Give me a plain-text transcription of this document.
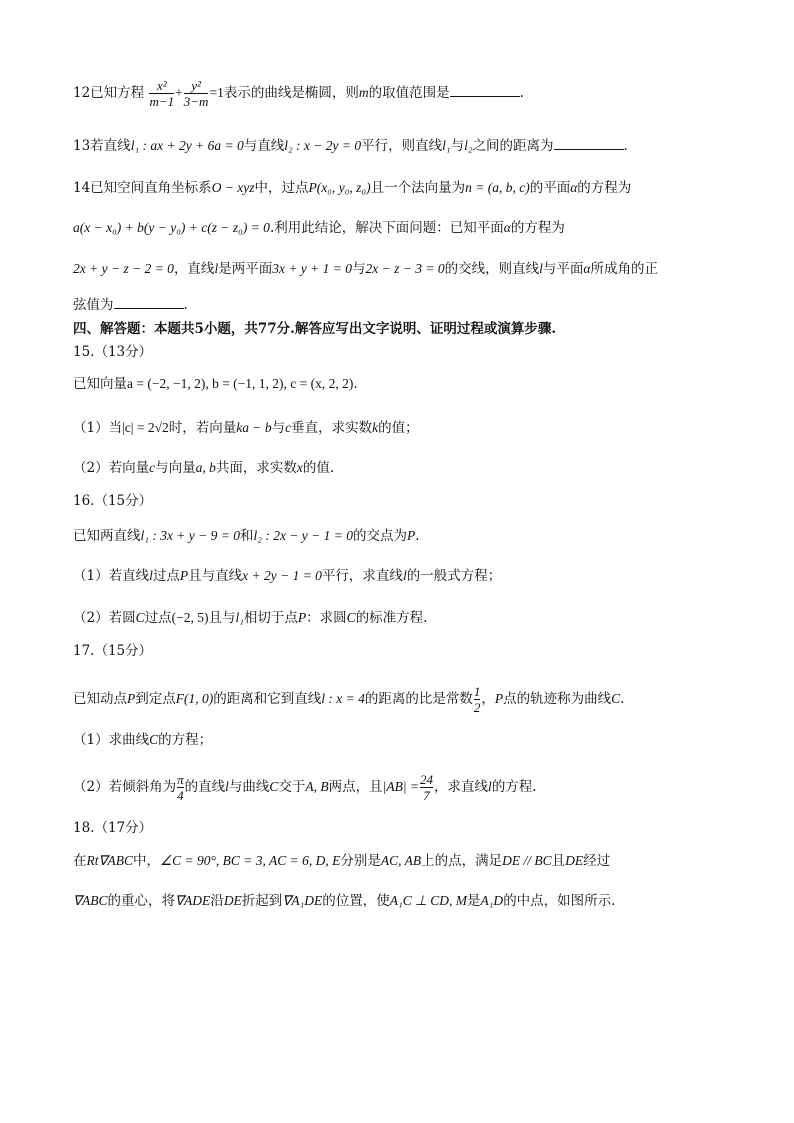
12已知方程 $\frac{\text{x²}}{m-1} + \frac{\text{y²}}{3-m} =1$表示的曲线是椭圆，则m的取值范围是	.
13若直线l₁ : ax + 2y + 6a = 0与直线l₂ : x − 2y = 0平行，则直线l₁与l₂之间的距离为	.
14已知空间直角坐标系O − xyz中，过点P(x₀, y₀, z₀)且一个法向量为n = (a, b, c)的平面α的方程为
a(x − x₀) + b(y − y₀) + c(z − z₀) = 0.利用此结论，解决下面问题：已知平面α的方程为
2x + y − z − 2 = 0，直线l是两平面3x + y + 1 = 0与2x − z − 3 = 0的交线，则直线l与平面α所成角的正
弦值为	.
四、解答题：本题共5小题，共77分.解答应写出文字说明、证明过程或演算步骤.
15.（13分）
已知向量a = (−2, −1, 2), b = (−1, 1, 2), c = (x, 2, 2).
（1）当|c| = 2√2时，若向量ka − b与c垂直，求实数k的值；
（2）若向量c与向量a, b共面，求实数x的值.
16.（15分）
已知两直线l₁ : 3x + y − 9 = 0和l₂ : 2x − y − 1 = 0的交点为P.
（1）若直线l过点P且与直线x + 2y − 1 = 0平行，求直线l的一般式方程；
（2）若圆C过点(−2, 5)且与l₁相切于点P：求圆C的标准方程.
17.（15分）
已知动点P到定点F(1, 0)的距离和它到直线l : x = 4的距离的比是常数 $\frac{1}{2}$ ，P点的轨迹称为曲线C.
（1）求曲线C的方程；
（2）若倾斜角为 $\frac{\pi}{4}$ 的直线l与曲线C交于A, B两点，且$|AB| = \frac{24}{7}$ ，求直线l的方程.
18.（17分）
在Rt∇ABC中，∠C = 90°, BC = 3, AC = 6, D, E分别是AC, AB上的点，满足DE // BC且DE经过
∇ABC的重心，将∇ADE沿DE折起到∇A₁DE的位置，使A₁C ⊥ CD, M是A₁D的中点，如图所示.
